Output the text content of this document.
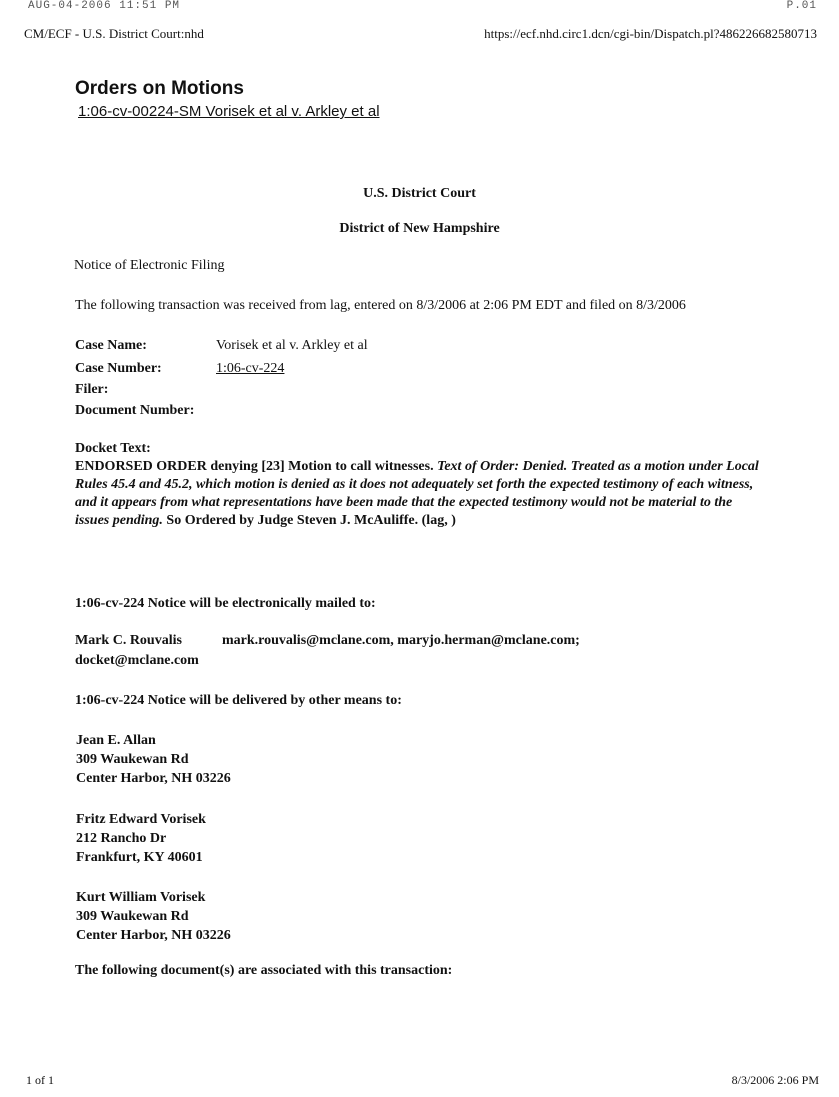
AUG-04-2006 11:51 PM	P.01
CM/ECF - U.S. District Court:nhd	https://ecf.nhd.circ1.dcn/cgi-bin/Dispatch.pl?486226682580713
Orders on Motions
1:06-cv-00224-SM Vorisek et al v. Arkley et al
U.S. District Court
District of New Hampshire
Notice of Electronic Filing
The following transaction was received from lag, entered on 8/3/2006 at 2:06 PM EDT and filed on 8/3/2006
Case Name:	Vorisek et al v. Arkley et al
Case Number:	1:06-cv-224
Filer:
Document Number:
Docket Text:
ENDORSED ORDER denying [23] Motion to call witnesses. Text of Order: Denied. Treated as a motion under Local Rules 45.4 and 45.2, which motion is denied as it does not adequately set forth the expected testimony of each witness, and it appears from what representations have been made that the expected testimony would not be material to the issues pending. So Ordered by Judge Steven J. McAuliffe. (lag, )
1:06-cv-224 Notice will be electronically mailed to:
Mark C. Rouvalis	mark.rouvalis@mclane.com, maryjo.herman@mclane.com;
docket@mclane.com
1:06-cv-224 Notice will be delivered by other means to:
Jean E. Allan
309 Waukewan Rd
Center Harbor, NH 03226
Fritz Edward Vorisek
212 Rancho Dr
Frankfurt, KY 40601
Kurt William Vorisek
309 Waukewan Rd
Center Harbor, NH 03226
The following document(s) are associated with this transaction:
1 of 1	8/3/2006 2:06 PM
